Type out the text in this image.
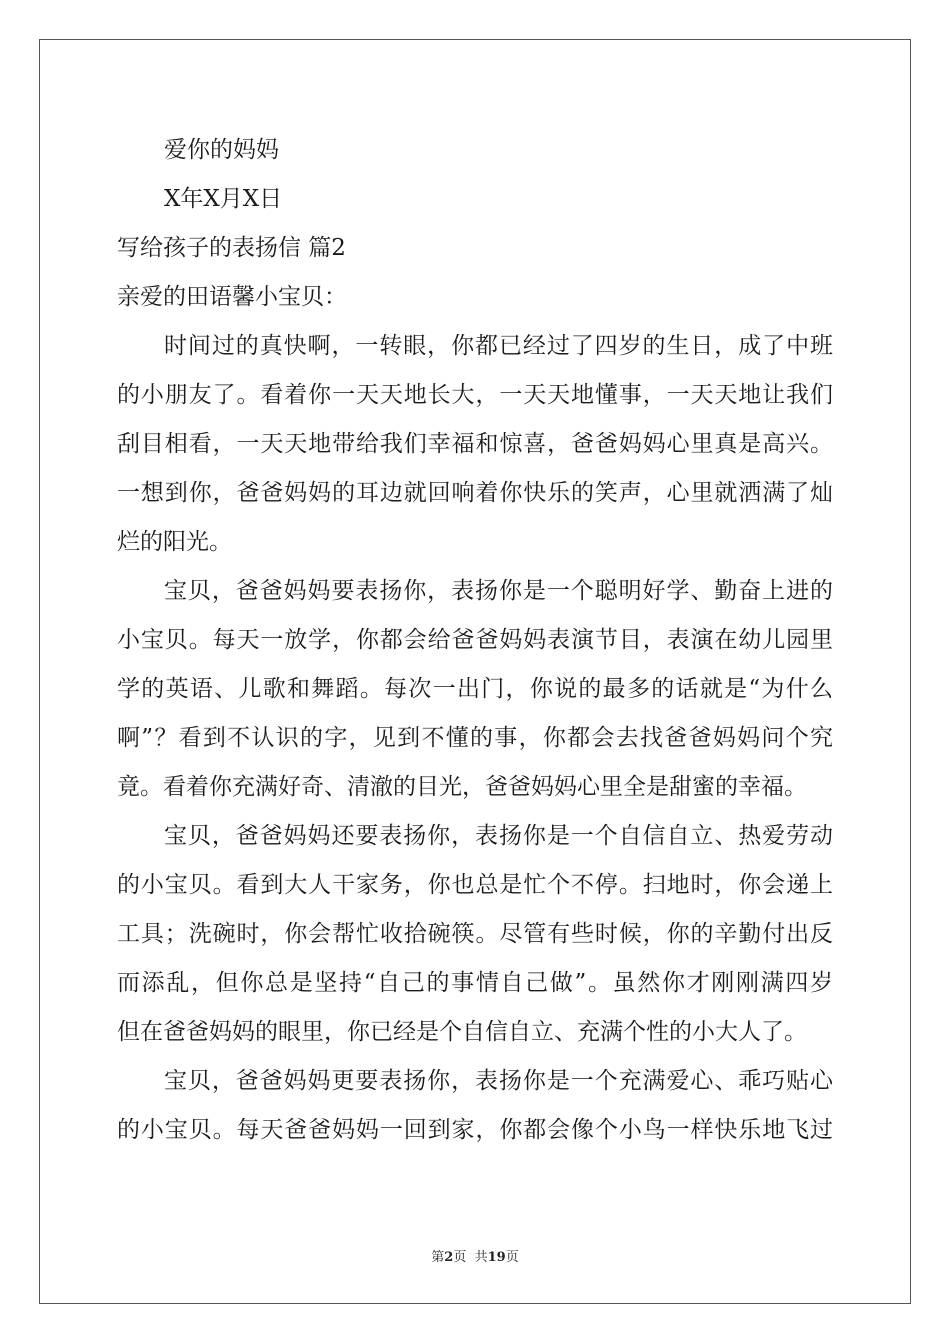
爱你的妈妈

X年X月X日

写给孩子的表扬信 篇2

亲爱的田语馨小宝贝：

时间过的真快啊，一转眼，你都已经过了四岁的生日，成了中班
的小朋友了。看着你一天天地长大，一天天地懂事，一天天地让我们
刮目相看，一天天地带给我们幸福和惊喜，爸爸妈妈心里真是高兴。
一想到你，爸爸妈妈的耳边就回响着你快乐的笑声，心里就洒满了灿
烂的阳光。
宝贝，爸爸妈妈要表扬你，表扬你是一个聪明好学、勤奋上进的
小宝贝。每天一放学，你都会给爸爸妈妈表演节目，表演在幼儿园里
学的英语、儿歌和舞蹈。每次一出门，你说的最多的话就是“为什么
啊”？看到不认识的字，见到不懂的事，你都会去找爸爸妈妈问个究
竟。看着你充满好奇、清澈的目光，爸爸妈妈心里全是甜蜜的幸福。
宝贝，爸爸妈妈还要表扬你，表扬你是一个自信自立、热爱劳动
的小宝贝。看到大人干家务，你也总是忙个不停。扫地时，你会递上
工具；洗碗时，你会帮忙收拾碗筷。尽管有些时候，你的辛勤付出反
而添乱，但你总是坚持“自己的事情自己做”。虽然你才刚刚满四岁
但在爸爸妈妈的眼里，你已经是个自信自立、充满个性的小大人了。
宝贝，爸爸妈妈更要表扬你，表扬你是一个充满爱心、乖巧贴心
的小宝贝。每天爸爸妈妈一回到家，你都会像个小鸟一样快乐地飞过
第2页  共19页
